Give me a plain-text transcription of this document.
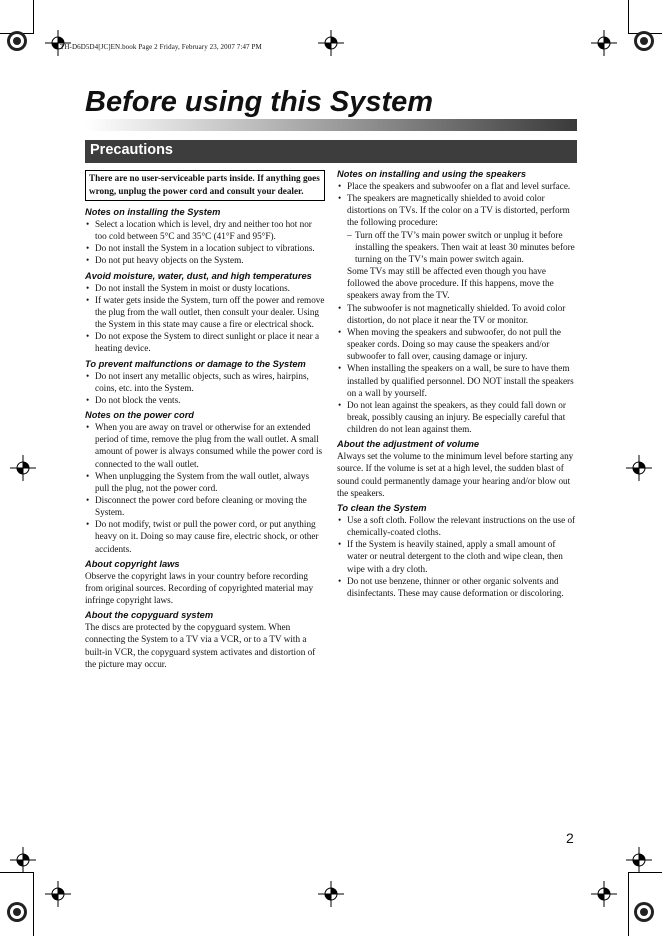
TH-D6D5D4[JC]EN.book Page 2 Friday, February 23, 2007 7:47 PM
Before using this System
Precautions
There are no user-serviceable parts inside. If anything goes wrong, unplug the power cord and consult your dealer.
Notes on installing the System
• Select a location which is level, dry and neither too hot nor too cold between 5°C and 35°C (41°F and 95°F).
• Do not install the System in a location subject to vibrations.
• Do not put heavy objects on the System.
Avoid moisture, water, dust, and high temperatures
• Do not install the System in moist or dusty locations.
• If water gets inside the System, turn off the power and remove the plug from the wall outlet, then consult your dealer. Using the System in this state may cause a fire or electrical shock.
• Do not expose the System to direct sunlight or place it near a heating device.
To prevent malfunctions or damage to the System
• Do not insert any metallic objects, such as wires, hairpins, coins, etc. into the System.
• Do not block the vents.
Notes on the power cord
• When you are away on travel or otherwise for an extended period of time, remove the plug from the wall outlet. A small amount of power is always consumed while the power cord is connected to the wall outlet.
• When unplugging the System from the wall outlet, always pull the plug, not the power cord.
• Disconnect the power cord before cleaning or moving the System.
• Do not modify, twist or pull the power cord, or put anything heavy on it. Doing so may cause fire, electric shock, or other accidents.
About copyright laws

Observe the copyright laws in your country before recording from original sources. Recording of copyrighted material may infringe copyright laws.

About the copyguard system

The discs are protected by the copyguard system. When connecting the System to a TV via a VCR, or to a TV with a built-in VCR, the copyguard system activates and distortion of the picture may occur.

Notes on installing and using the speakers
• Place the speakers and subwoofer on a flat and level surface.
• The speakers are magnetically shielded to avoid color distortions on TVs. If the color on a TV is distorted, perform the following procedure:
– Turn off the TV’s main power switch or unplug it before installing the speakers. Then wait at least 30 minutes before turning on the TV’s main power switch again.
Some TVs may still be affected even though you have followed the above procedure. If this happens, move the speakers away from the TV.
• The subwoofer is not magnetically shielded. To avoid color distortion, do not place it near the TV or monitor.
• When moving the speakers and subwoofer, do not pull the speaker cords. Doing so may cause the speakers and/or subwoofer to fall over, causing damage or injury.
• When installing the speakers on a wall, be sure to have them installed by qualified personnel. DO NOT install the speakers on a wall by yourself.
• Do not lean against the speakers, as they could fall down or break, possibly causing an injury. Be especially careful that children do not lean against them.
About the adjustment of volume

Always set the volume to the minimum level before starting any source. If the volume is set at a high level, the sudden blast of sound could permanently damage your hearing and/or blow out the speakers.

To clean the System
• Use a soft cloth. Follow the relevant instructions on the use of chemically-coated cloths.
• If the System is heavily stained, apply a small amount of water or neutral detergent to the cloth and wipe clean, then wipe with a dry cloth.
• Do not use benzene, thinner or other organic solvents and disinfectants. These may cause deformation or discoloring.
2
